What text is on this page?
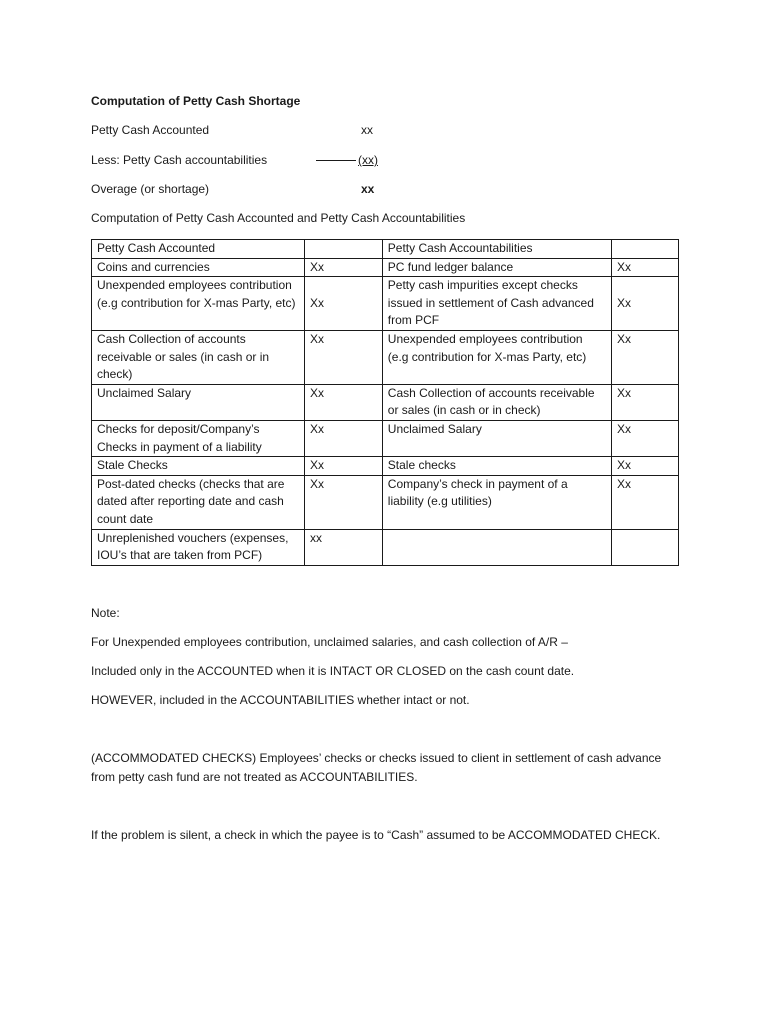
Computation of Petty Cash Shortage
Petty Cash Accounted	xx
Less: Petty Cash accountabilities	(xx)
Overage (or shortage)	xx
Computation of Petty Cash Accounted and Petty Cash Accountabilities
Petty Cash Accounted		Petty Cash Accountabilities	
Coins and currencies	Xx	PC fund ledger balance	Xx
Unexpended employees contribution (e.g contribution for X-mas Party, etc)	Xx	Petty cash impurities except checks issued in settlement of Cash advanced from PCF	Xx
Cash Collection of accounts receivable or sales (in cash or in check)	Xx	Unexpended employees contribution (e.g contribution for X-mas Party, etc)	Xx
Unclaimed Salary	Xx	Cash Collection of accounts receivable or sales (in cash or in check)	Xx
Checks for deposit/Company’s Checks in payment of a liability	Xx	Unclaimed Salary	Xx
Stale Checks	Xx	Stale checks	Xx
Post-dated checks (checks that are dated after reporting date and cash count date	Xx	Company’s check in payment of a liability (e.g utilities)	Xx
Unreplenished vouchers (expenses, IOU’s that are taken from PCF)	xx		
Note:
For Unexpended employees contribution, unclaimed salaries, and cash collection of A/R –
Included only in the ACCOUNTED when it is INTACT OR CLOSED on the cash count date.
HOWEVER, included in the ACCOUNTABILITIES whether intact or not.
(ACCOMMODATED CHECKS) Employees’ checks or checks issued to client in settlement of cash advance
from petty cash fund are not treated as ACCOUNTABILITIES.
If the problem is silent, a check in which the payee is to “Cash” assumed to be ACCOMMODATED CHECK.
